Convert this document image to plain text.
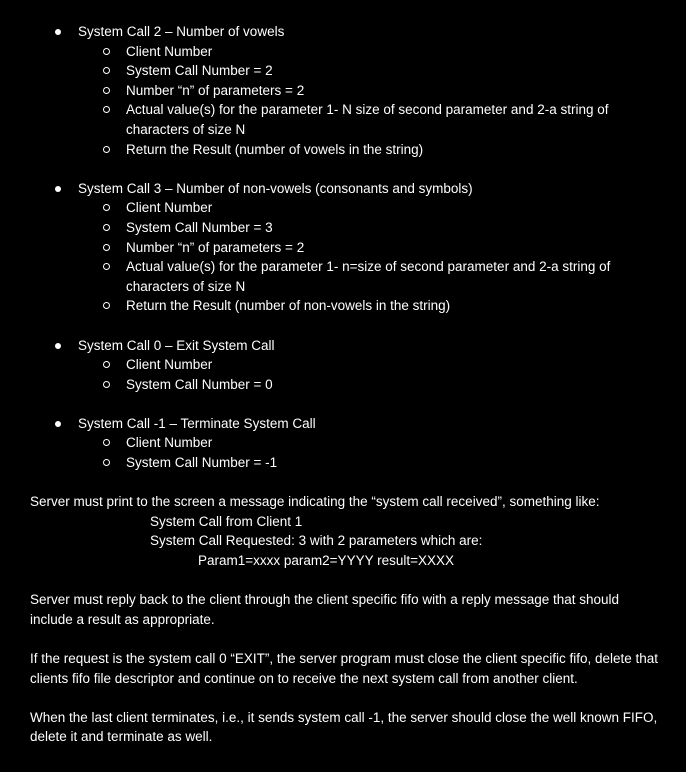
System Call 2 – Number of vowels
Client Number
System Call Number = 2
Number “n” of parameters = 2
Actual value(s) for the parameter 1- N size of second parameter and 2-a string of characters of size N
Return the Result (number of vowels in the string)
System Call 3 – Number of non-vowels (consonants and symbols)
Client Number
System Call Number = 3
Number “n” of parameters = 2
Actual value(s) for the parameter 1- n=size of second parameter and 2-a string of characters of size N
Return the Result (number of non-vowels in the string)
System Call 0 – Exit System Call
Client Number
System Call Number = 0
System Call -1 – Terminate System Call
Client Number
System Call Number = -1
Server must print to the screen a message indicating the “system call received”, something like:
System Call from Client 1
System Call Requested: 3 with 2 parameters which are:
Param1=xxxx param2=YYYY result=XXXX
Server must reply back to the client through the client specific fifo with a reply message that should include a result as appropriate.
If the request is the system call 0 “EXIT”, the server program must close the client specific fifo, delete that clients fifo file descriptor and continue on to receive the next system call from another client.
When the last client terminates, i.e., it sends system call -1, the server should close the well known FIFO, delete it and terminate as well.
